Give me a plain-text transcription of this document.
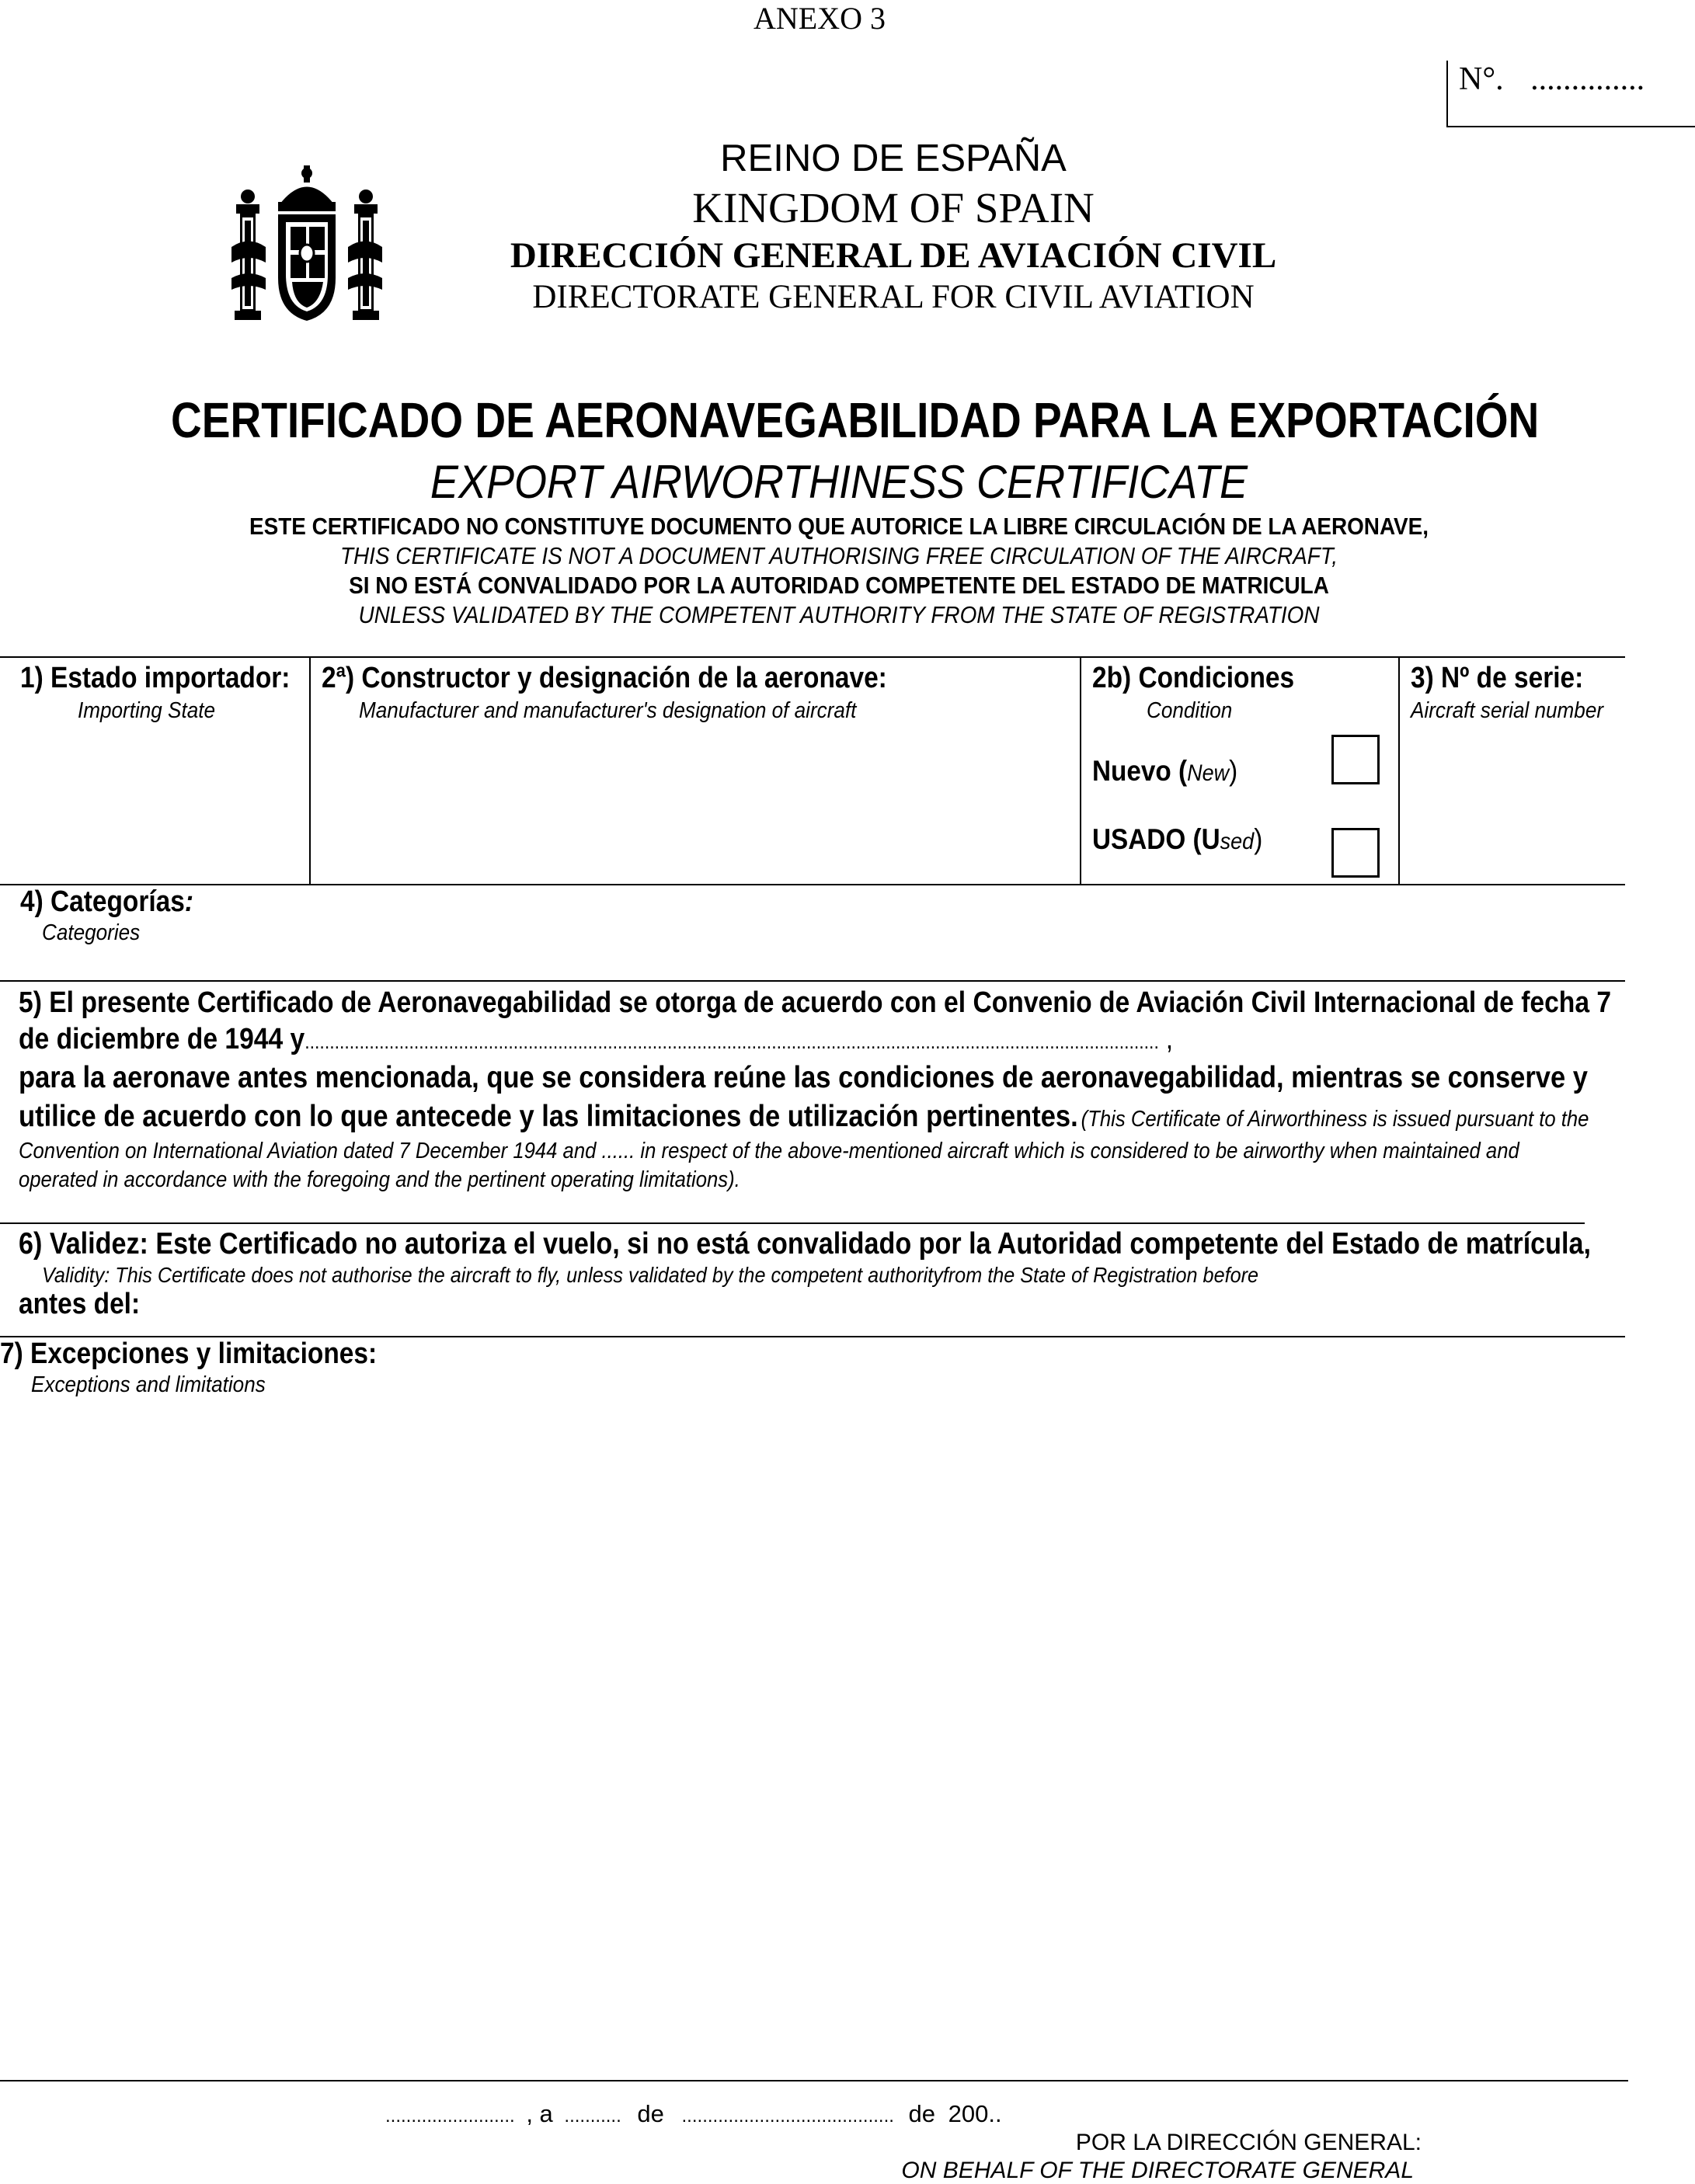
ANEXO 3
N°. ..............
REINO DE ESPAÑA
KINGDOM OF SPAIN
DIRECCIÓN GENERAL DE AVIACIÓN CIVIL
DIRECTORATE GENERAL FOR CIVIL AVIATION
CERTIFICADO DE AERONAVEGABILIDAD PARA LA EXPORTACIÓN
EXPORT AIRWORTHINESS CERTIFICATE
ESTE CERTIFICADO NO CONSTITUYE DOCUMENTO QUE AUTORICE LA LIBRE CIRCULACIÓN DE LA AERONAVE,
THIS CERTIFICATE IS NOT A DOCUMENT AUTHORISING FREE CIRCULATION OF THE AIRCRAFT,
SI NO ESTÁ CONVALIDADO POR LA AUTORIDAD COMPETENTE DEL ESTADO DE MATRICULA
UNLESS VALIDATED BY THE COMPETENT AUTHORITY FROM THE STATE OF REGISTRATION
1) Estado importador:
Importing State
2ª) Constructor y designación de la aeronave:
Manufacturer and manufacturer's designation of aircraft
2b) Condiciones
Condition
Nuevo (New)
USADO (Used)
3) Nº de serie:
Aircraft serial number
4) Categorías:
Categories
5) El presente Certificado de Aeronavegabilidad se otorga de acuerdo con el Convenio de Aviación Civil Internacional de fecha 7
de diciembre de 1944 y............................................................................................................................................................................ ,
para la aeronave antes mencionada, que se considera reúne las condiciones de aeronavegabilidad, mientras se conserve y
utilice de acuerdo con lo que antecede y las limitaciones de utilización pertinentes. (This Certificate of Airworthiness is issued pursuant to the
Convention on International Aviation dated 7 December 1944 and ...... in respect of the above-mentioned aircraft which is considered to be airworthy when maintained and
operated in accordance with the foregoing and the pertinent operating limitations).
6) Validez: Este Certificado no autoriza el vuelo, si no está convalidado por la Autoridad competente del Estado de matrícula,
Validity: This Certificate does not authorise the aircraft to fly, unless validated by the competent authorityfrom the State of Registration before
antes del:
7) Excepciones y limitaciones:
Exceptions and limitations
......................... , a ........... de ......................................... de 200..
POR LA DIRECCIÓN GENERAL:
ON BEHALF OF THE DIRECTORATE GENERAL
